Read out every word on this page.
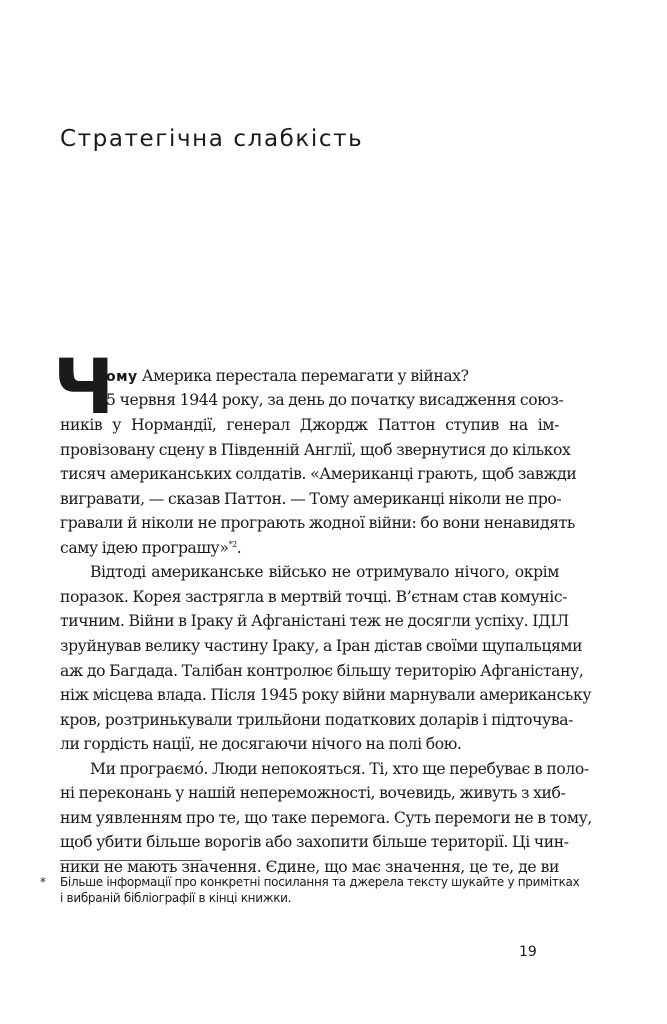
Стратегічна слабкість
Ч
ому Америка перестала перемагати у війнах?
5 червня 1944 року, за день до початку висадження союз-
ників у Нормандії, генерал Джордж Паттон ступив на ім-
провізовану сцену в Південній Англії, щоб звернутися до кількох
тисяч американських солдатів. «Американці грають, щоб завжди
вигравати, — сказав Паттон. — Тому американці ніколи не про-
гравали й ніколи не програють жодної війни: бо вони ненавидять
саму ідею програшу»$^{*2}$.
Відтоді американське військо не отримувало нічого, окрім
поразок. Корея застрягла в мертвій точці. В’єтнам став комуніс-
тичним. Війни в Іраку й Афганістані теж не досягли успіху. ІДІЛ
зруйнував велику частину Іраку, а Іран дістав своїми щупальцями
аж до Багдада. Талібан контролює більшу територію Афганістану,
ніж місцева влада. Після 1945 року війни марнували американську
кров, розтринькували трильйони податкових доларів і підточува-
ли гордість нації, не досягаючи нічого на полі бою.
Ми програємо́. Люди непокояться. Ті, хто ще перебуває в поло-
ні переконань у нашій непереможності, вочевидь, живуть з хиб-
ним уявленням про те, що таке перемога. Суть перемоги не в тому,
щоб убити більше ворогів або захопити більше території. Ці чин-
ники не мають значення. Єдине, що має значення, це те, де ви
* Більше інформації про конкретні посилання та джерела тексту шукайте у примітках
і вибраній бібліографії в кінці книжки.
19
